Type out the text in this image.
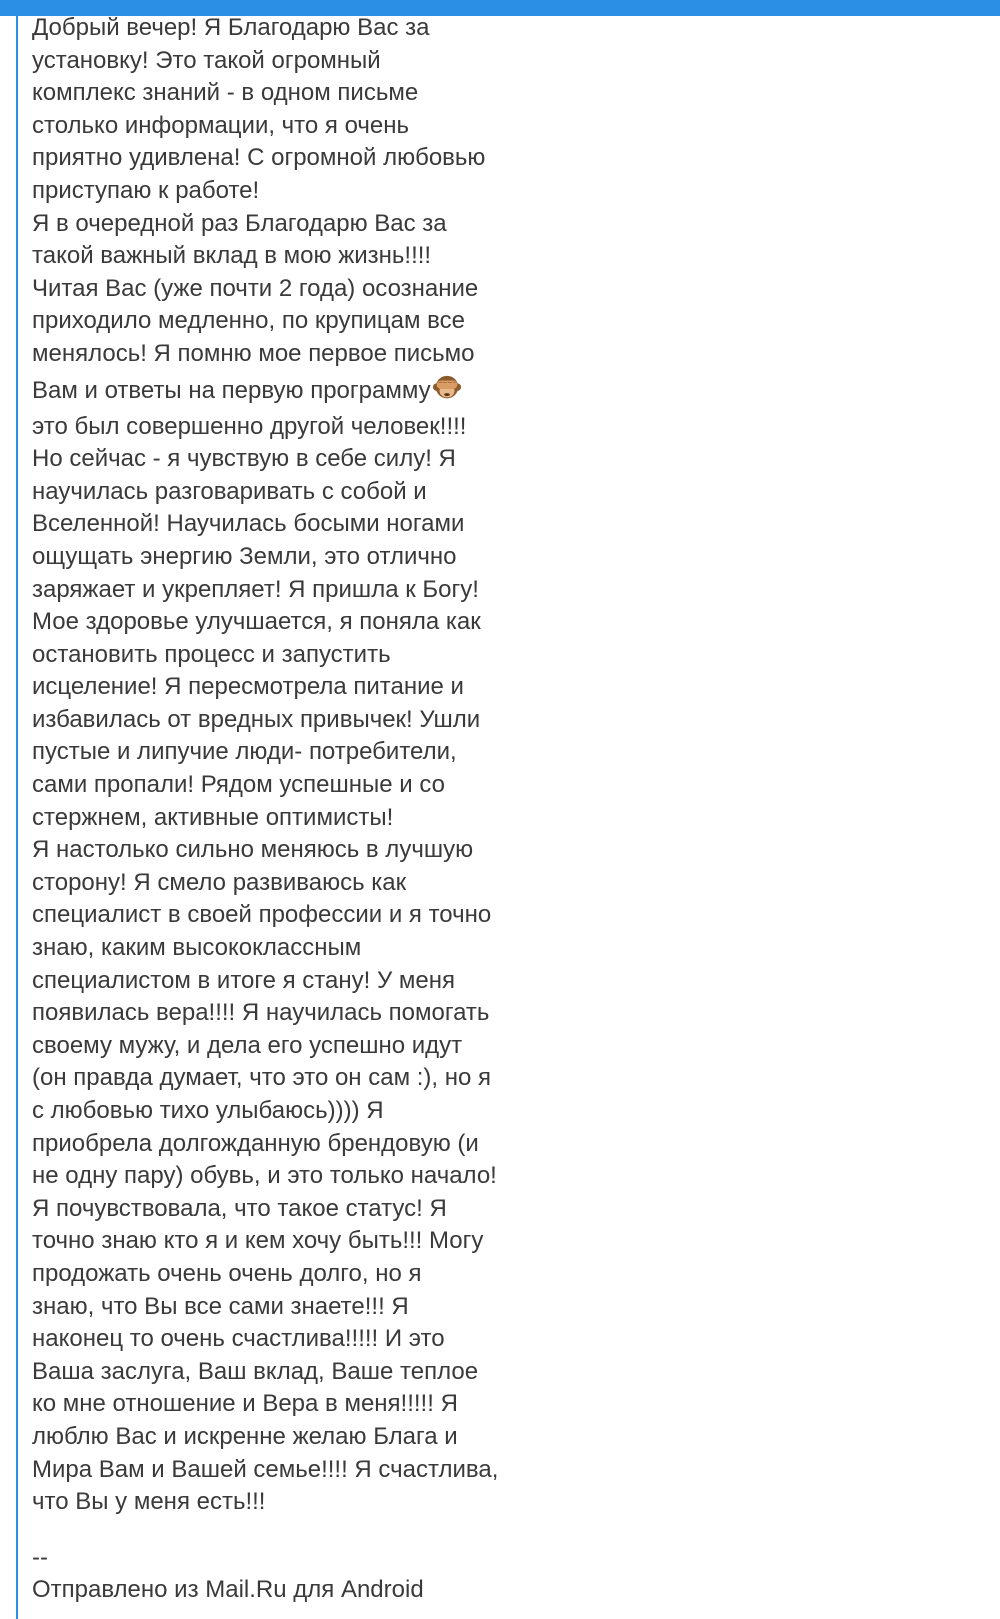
Добрый вечер! Я Благодарю Вас за
установку! Это такой огромный
комплекс знаний - в одном письме
столько информации, что я очень
приятно удивлена! С огромной любовью
приступаю к работе!
Я в очередной раз Благодарю Вас за
такой важный вклад в мою жизнь!!!!
Читая Вас (уже почти 2 года) осознание
приходило медленно, по крупицам все
менялось! Я помню мое первое письмо
Вам и ответы на первую программу
это был совершенно другой человек!!!!
Но сейчас - я чувствую в себе силу! Я
научилась разговаривать с собой и
Вселенной! Научилась босыми ногами
ощущать энергию Земли, это отлично
заряжает и укрепляет! Я пришла к Богу!
Мое здоровье улучшается, я поняла как
остановить процесс и запустить
исцеление! Я пересмотрела питание и
избавилась от вредных привычек! Ушли
пустые и липучие люди- потребители,
сами пропали! Рядом успешные и со
стержнем, активные оптимисты!
Я настолько сильно меняюсь в лучшую
сторону! Я смело развиваюсь как
специалист в своей профессии и я точно
знаю, каким высококлассным
специалистом в итоге я стану! У меня
появилась вера!!!! Я научилась помогать
своему мужу, и дела его успешно идут
(он правда думает, что это он сам :), но я
с любовью тихо улыбаюсь)))) Я
приобрела долгожданную брендовую (и
не одну пару) обувь, и это только начало!
Я почувствовала, что такое статус! Я
точно знаю кто я и кем хочу быть!!! Могу
продожать очень очень долго, но я
знаю, что Вы все сами знаете!!! Я
наконец то очень счастлива!!!!! И это
Ваша заслуга, Ваш вклад, Ваше теплое
ко мне отношение и Вера в меня!!!!! Я
люблю Вас и искренне желаю Блага и
Мира Вам и Вашей семье!!!! Я счастлива,
что Вы у меня есть!!!
--
Отправлено из Mail.Ru для Android
